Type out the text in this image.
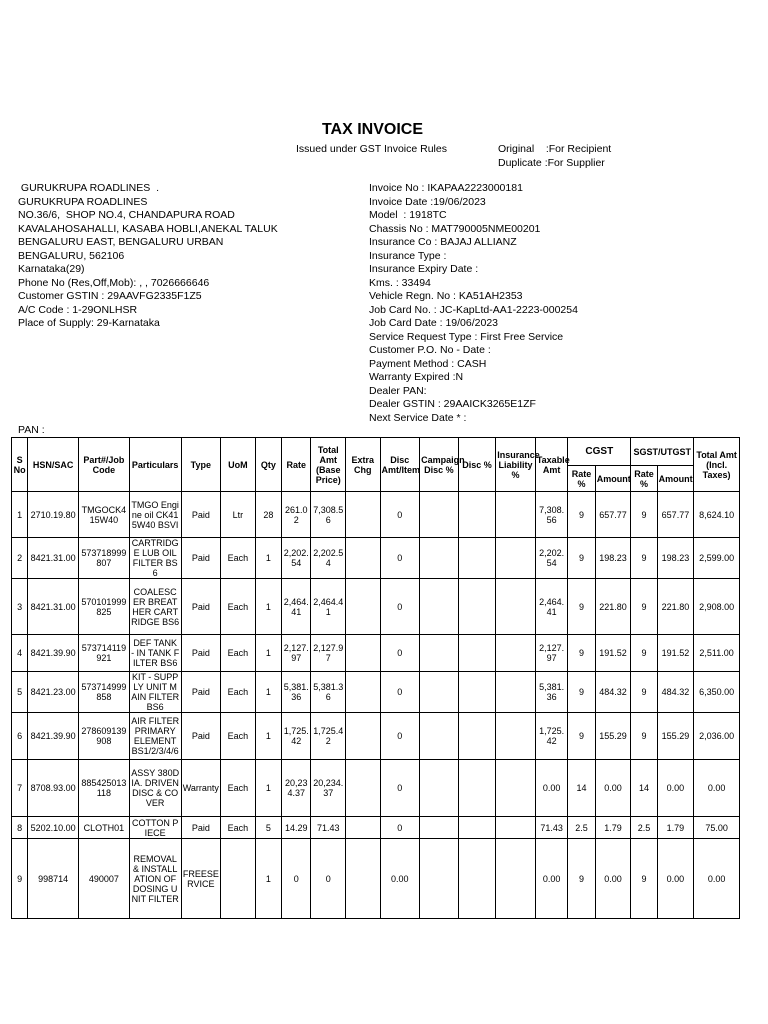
TAX INVOICE
Issued under GST Invoice Rules	Original    :For Recipient
Duplicate :For Supplier
GURUKRUPA ROADLINES  .
GURUKRUPA ROADLINES
NO.36/6,  SHOP NO.4, CHANDAPURA ROAD
KAVALAHOSAHALLI, KASABA HOBLI,ANEKAL TALUK
BENGALURU EAST, BENGALURU URBAN
BENGALURU, 562106
Karnataka(29)
Phone No (Res,Off,Mob): , , 7026666646
Customer GSTIN : 29AAVFG2335F1Z5
A/C Code : 1-29ONLHSR
Place of Supply: 29-Karnataka
Invoice No : IKAPAA2223000181
Invoice Date :19/06/2023
Model  : 1918TC
Chassis No : MAT790005NME00201
Insurance Co : BAJAJ ALLIANZ
Insurance Type :
Insurance Expiry Date :
Kms. : 33494
Vehicle Regn. No : KA51AH2353
Job Card No. : JC-KapLtd-AA1-2223-000254
Job Card Date : 19/06/2023
Service Request Type : First Free Service
Customer P.O. No - Date :
Payment Method : CASH
Warranty Expired :N
Dealer PAN:
Dealer GSTIN : 29AAICK3265E1ZF
Next Service Date * :
PAN :
S No	HSN/SAC	Part#/Job Code	Particulars	Type	UoM	Qty	Rate	Total Amt (Base Price)	Extra Chg	Disc Amt/Item	Campaign Disc %	Disc %	Insurance Liability %	Taxable Amt	CGST		SGST/UTGST		Total Amt (Incl. Taxes)
															Rate %	Amount	Rate %	Amount	
1	2710.19.80	TMGOCK415W40	TMGO Engine oil CK415W40 BSVI	Paid	Ltr	28	261.02	7,308.56		0				7,308.56	9	657.77	9	657.77	8,624.10
2	8421.31.00	573718999807	CARTRIDGE LUB OIL FILTER BS6	Paid	Each	1	2,202.54	2,202.54		0				2,202.54	9	198.23	9	198.23	2,599.00
3	8421.31.00	570101999825	COALESCER BREATHER CARTRIDGE BS6	Paid	Each	1	2,464.41	2,464.41		0				2,464.41	9	221.80	9	221.80	2,908.00
4	8421.39.90	573714119921	DEF TANK - IN TANK FILTER BS6	Paid	Each	1	2,127.97	2,127.97		0				2,127.97	9	191.52	9	191.52	2,511.00
5	8421.23.00	573714999858	KIT - SUPPLY UNIT MAIN FILTER BS6	Paid	Each	1	5,381.36	5,381.36		0				5,381.36	9	484.32	9	484.32	6,350.00
6	8421.39.90	278609139908	AIR FILTER PRIMARY ELEMENT BS1/2/3/4/6	Paid	Each	1	1,725.42	1,725.42		0				1,725.42	9	155.29	9	155.29	2,036.00
7	8708.93.00	885425013118	ASSY 380DIA. DRIVEN DISC & COVER	Warranty	Each	1	20,234.37	20,234.37		0				0.00	14	0.00	14	0.00	0.00
8	5202.10.00	CLOTH01	COTTON PIECE	Paid	Each	5	14.29	71.43		0				71.43	2.5	1.79	2.5	1.79	75.00
9	998714	490007	REMOVAL & INSTALLATION OF DOSING UNIT FILTER	FREESERVICE		1	0	0		0.00				0.00	9	0.00	9	0.00	0.00
